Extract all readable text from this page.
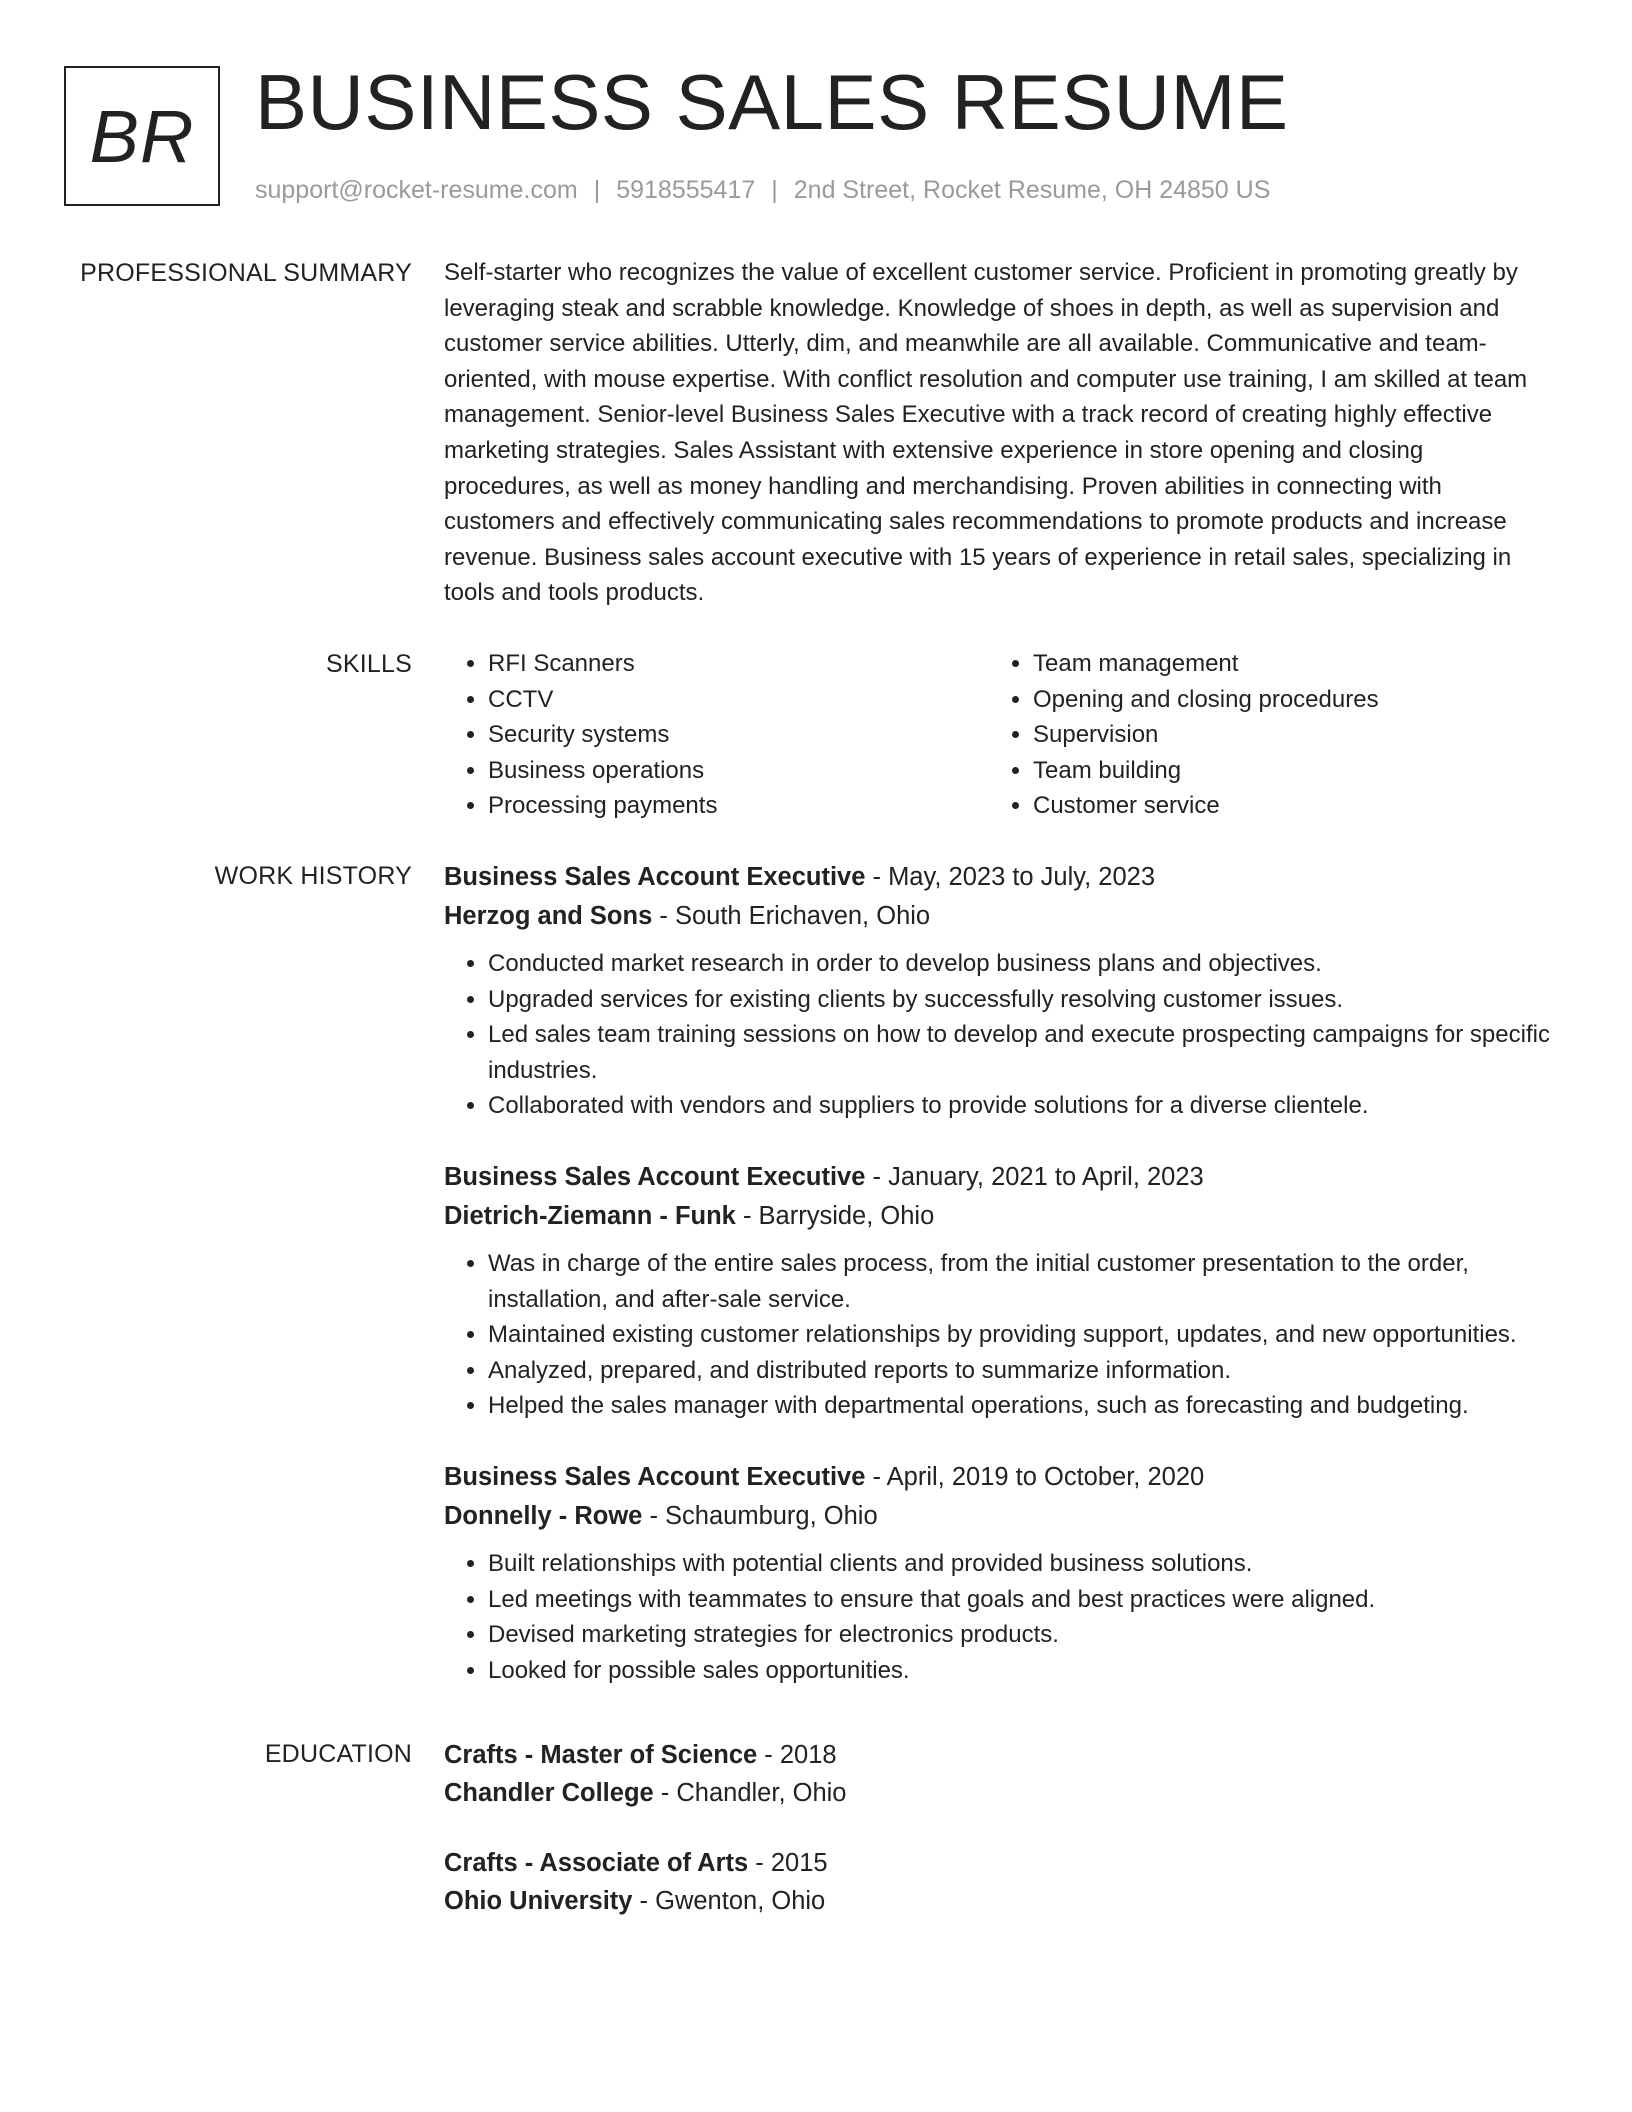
BR BUSINESS SALES RESUME
support@rocket-resume.com | 5918555417 | 2nd Street, Rocket Resume, OH 24850 US
PROFESSIONAL SUMMARY Self-starter who recognizes the value of excellent customer service. Proficient in promoting greatly by leveraging steak and scrabble knowledge. Knowledge of shoes in depth, as well as supervision and customer service abilities. Utterly, dim, and meanwhile are all available. Communicative and team-oriented, with mouse expertise. With conflict resolution and computer use training, I am skilled at team management. Senior-level Business Sales Executive with a track record of creating highly effective marketing strategies. Sales Assistant with extensive experience in store opening and closing procedures, as well as money handling and merchandising. Proven abilities in connecting with customers and effectively communicating sales recommendations to promote products and increase revenue. Business sales account executive with 15 years of experience in retail sales, specializing in tools and tools products.

SKILLS
•	RFI Scanners
• CCTV
• Security systems
• Business operations
• Processing payments
• Team management
• Opening and closing procedures
• Supervision
• Team building
• Customer service
WORK HISTORY Business Sales Account Executive - May, 2023 to July, 2023
Herzog and Sons - South Erichaven, Ohio
• Conducted market research in order to develop business plans and objectives.
• Upgraded services for existing clients by successfully resolving customer issues.
• Led sales team training sessions on how to develop and execute prospecting campaigns for specific industries.
• Collaborated with vendors and suppliers to provide solutions for a diverse clientele.
Business Sales Account Executive - January, 2021 to April, 2023
Dietrich-Ziemann - Funk - Barryside, Ohio
• Was in charge of the entire sales process, from the initial customer presentation to the order, installation, and after-sale service.
• Maintained existing customer relationships by providing support, updates, and new opportunities.
• Analyzed, prepared, and distributed reports to summarize information.
• Helped the sales manager with departmental operations, such as forecasting and budgeting.
Business Sales Account Executive - April, 2019 to October, 2020
Donnelly - Rowe - Schaumburg, Ohio
• Built relationships with potential clients and provided business solutions.
• Led meetings with teammates to ensure that goals and best practices were aligned.
• Devised marketing strategies for electronics products.
• Looked for possible sales opportunities.
EDUCATION Crafts - Master of Science - 2018
Chandler College - Chandler, Ohio
Crafts - Associate of Arts - 2015
Ohio University - Gwenton, Ohio
